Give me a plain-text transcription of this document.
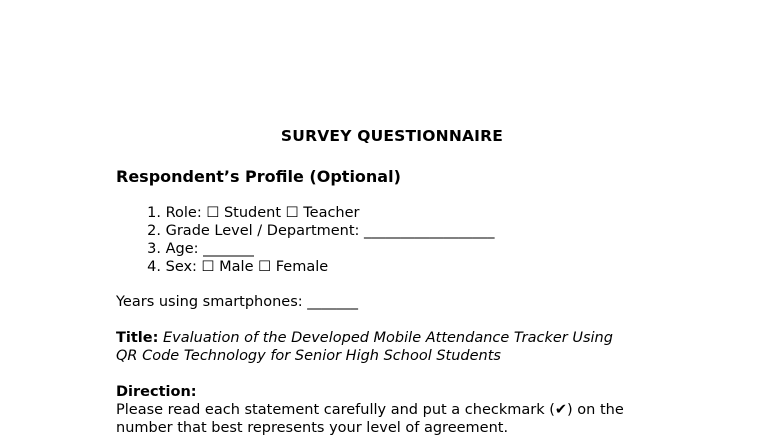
SURVEY QUESTIONNAIRE
Respondent’s Profile (Optional)
1. Role: ☐ Student ☐ Teacher
2. Grade Level / Department: __________________
3. Age: _______
4. Sex: ☐ Male ☐ Female
Years using smartphones: _______
Title: Evaluation of the Developed Mobile Attendance Tracker Using
QR Code Technology for Senior High School Students
Direction:
Please read each statement carefully and put a checkmark (✔) on the
number that best represents your level of agreement.
